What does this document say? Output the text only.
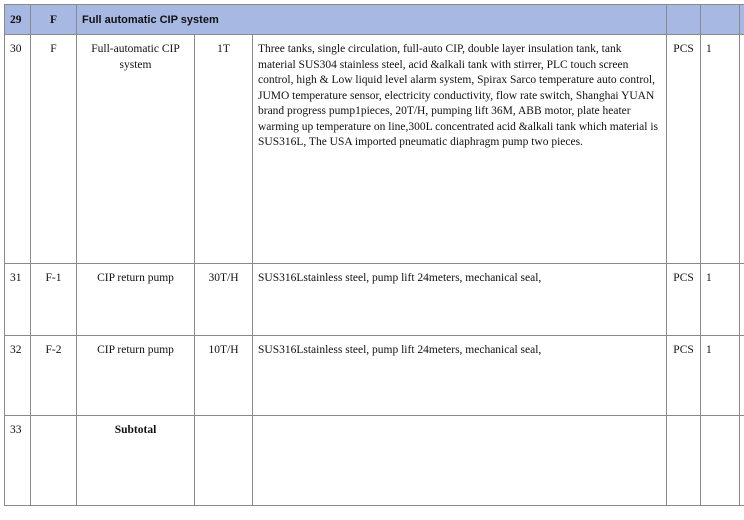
29	F	Full automatic CIP system					
30	F	Full-automatic CIP system	1T	Three tanks, single circulation, full-auto CIP, double layer insulation tank, tank material SUS304 stainless steel, acid &alkali tank with stirrer, PLC touch screen control, high & Low liquid level alarm system, Spirax Sarco temperature auto control, JUMO temperature sensor, electricity conductivity, flow rate switch, Shanghai YUAN brand progress pump1pieces, 20T/H, pumping lift 36M, ABB motor, plate heater warming up temperature on line,300L concentrated acid &alkali tank which material is SUS316L, The USA imported pneumatic diaphragm pump two pieces.	PCS	1	
31	F-1	CIP return pump	30T/H	SUS316Lstainless steel, pump lift 24meters, mechanical seal,	PCS	1	
32	F-2	CIP return pump	10T/H	SUS316Lstainless steel, pump lift 24meters, mechanical seal,	PCS	1	
33		Subtotal					
